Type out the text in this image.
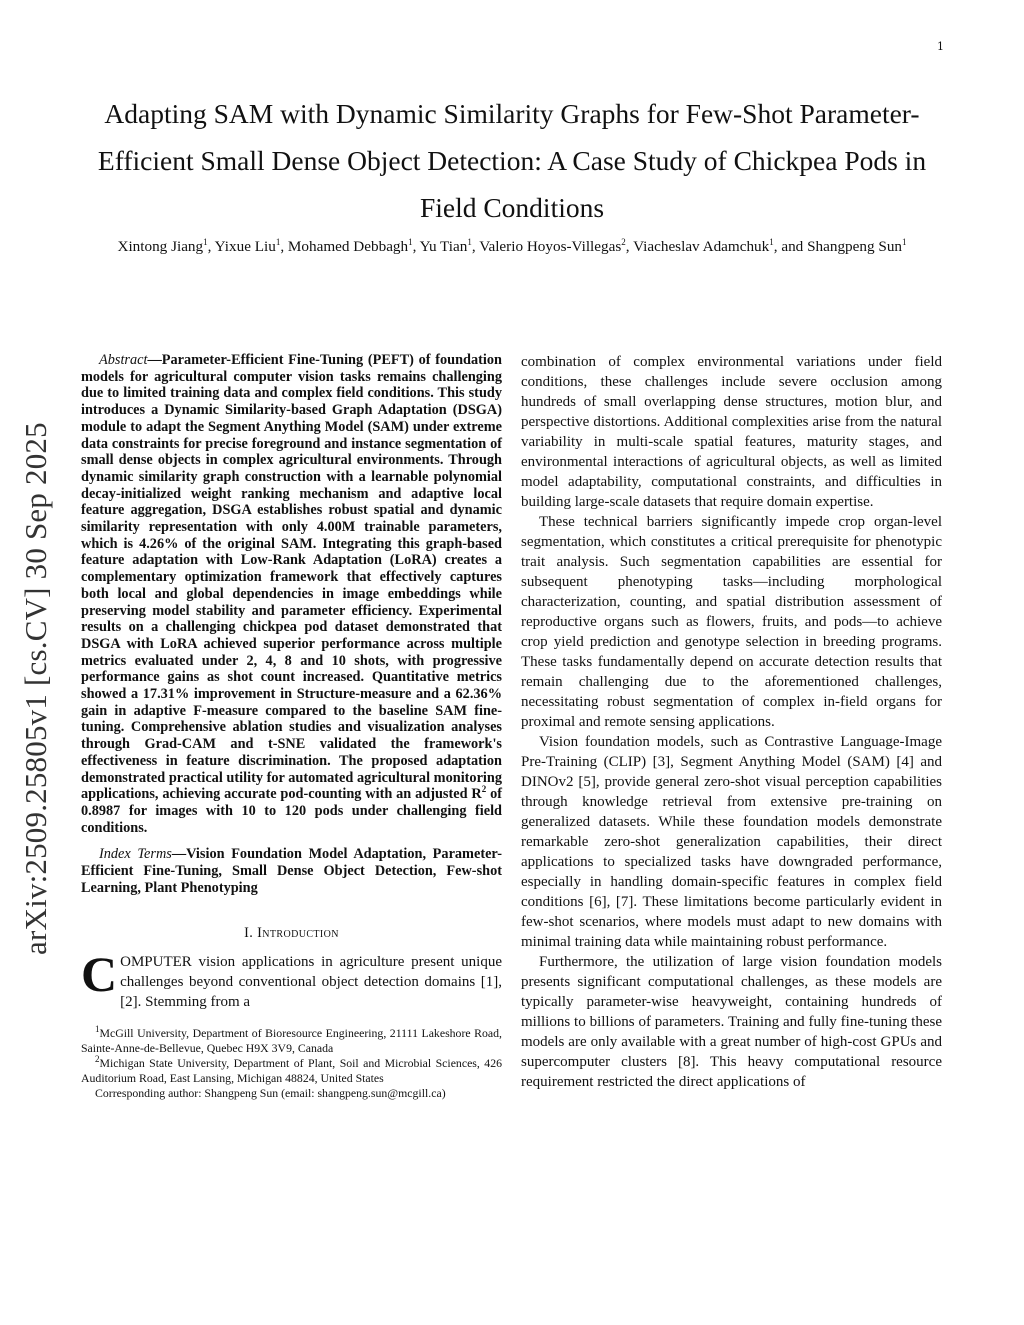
1
arXiv:2509.25805v1 [cs.CV] 30 Sep 2025
Adapting SAM with Dynamic Similarity Graphs for Few-Shot Parameter-Efficient Small Dense Object Detection: A Case Study of Chickpea Pods in Field Conditions
Xintong Jiang$^1$, Yixue Liu$^1$, Mohamed Debbagh$^1$, Yu Tian$^1$, Valerio Hoyos-Villegas$^2$, Viacheslav Adamchuk$^1$, and Shangpeng Sun$^1$

Abstract—Parameter-Efficient Fine-Tuning (PEFT) of foundation models for agricultural computer vision tasks remains challenging due to limited training data and complex field conditions. This study introduces a Dynamic Similarity-based Graph Adaptation (DSGA) module to adapt the Segment Anything Model (SAM) under extreme data constraints for precise foreground and instance segmentation of small dense objects in complex agricultural environments. Through dynamic similarity graph construction with a learnable polynomial decay-initialized weight ranking mechanism and adaptive local feature aggregation, DSGA establishes robust spatial and dynamic similarity representation with only 4.00M trainable parameters, which is 4.26% of the original SAM. Integrating this graph-based feature adaptation with Low-Rank Adaptation (LoRA) creates a complementary optimization framework that effectively captures both local and global dependencies in image embeddings while preserving model stability and parameter efficiency. Experimental results on a challenging chickpea pod dataset demonstrated that DSGA with LoRA achieved superior performance across multiple metrics evaluated under 2, 4, 8 and 10 shots, with progressive performance gains as shot count increased. Quantitative metrics showed a 17.31% improvement in Structure-measure and a 62.36% gain in adaptive F-measure compared to the baseline SAM fine-tuning. Comprehensive ablation studies and visualization analyses through Grad-CAM and t-SNE validated the framework's effectiveness in feature discrimination. The proposed adaptation demonstrated practical utility for automated agricultural monitoring applications, achieving accurate pod-counting with an adjusted $R^2$ of 0.8987 for images with 10 to 120 pods under challenging field conditions.

Index Terms—Vision Foundation Model Adaptation, Parameter-Efficient Fine-Tuning, Small Dense Object Detection, Few-shot Learning, Plant Phenotyping

I. Introduction

COMPUTER vision applications in agriculture present unique challenges beyond conventional object detection domains [1], [2]. Stemming from a

$^1$McGill University, Department of Bioresource Engineering, 21111 Lakeshore Road, Sainte-Anne-de-Bellevue, Quebec H9X 3V9, Canada

$^2$Michigan State University, Department of Plant, Soil and Microbial Sciences, 426 Auditorium Road, East Lansing, Michigan 48824, United States

Corresponding author: Shangpeng Sun (email: shangpeng.sun@mcgill.ca)

combination of complex environmental variations under field conditions, these challenges include severe occlusion among hundreds of small overlapping dense structures, motion blur, and perspective distortions. Additional complexities arise from the natural variability in multi-scale spatial features, maturity stages, and environmental interactions of agricultural objects, as well as limited model adaptability, computational constraints, and difficulties in building large-scale datasets that require domain expertise.

These technical barriers significantly impede crop organ-level segmentation, which constitutes a critical prerequisite for phenotypic trait analysis. Such segmentation capabilities are essential for subsequent phenotyping tasks—including morphological characterization, counting, and spatial distribution assessment of reproductive organs such as flowers, fruits, and pods—to achieve crop yield prediction and genotype selection in breeding programs. These tasks fundamentally depend on accurate detection results that remain challenging due to the aforementioned challenges, necessitating robust segmentation of complex in-field organs for proximal and remote sensing applications.

Vision foundation models, such as Contrastive Language-Image Pre-Training (CLIP) [3], Segment Anything Model (SAM) [4] and DINOv2 [5], provide general zero-shot visual perception capabilities through knowledge retrieval from extensive pre-training on generalized datasets. While these foundation models demonstrate remarkable zero-shot generalization capabilities, their direct applications to specialized tasks have downgraded performance, especially in handling domain-specific features in complex field conditions [6], [7]. These limitations become particularly evident in few-shot scenarios, where models must adapt to new domains with minimal training data while maintaining robust performance.

Furthermore, the utilization of large vision foundation models presents significant computational challenges, as these models are typically parameter-wise heavyweight, containing hundreds of millions to billions of parameters. Training and fully fine-tuning these models are only available with a great number of high-cost GPUs and supercomputer clusters [8]. This heavy computational resource requirement restricted the direct applications of
